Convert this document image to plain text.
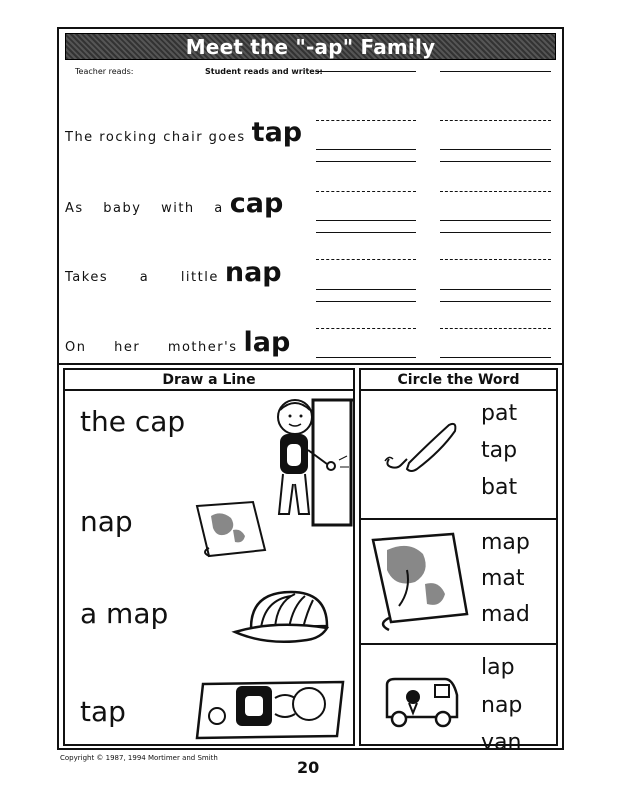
Meet the "-ap" Family
Teacher reads:	Student reads and writes:
The rocking chair goes tap
As baby with a cap
Takes a little nap
On her mother's lap
Draw a Line
the cap
nap
a map
tap
Circle the Word
pat
tap
bat
map
mat
mad
lap
nap
van
Copyright © 1987, 1994 Mortimer and Smith	20
